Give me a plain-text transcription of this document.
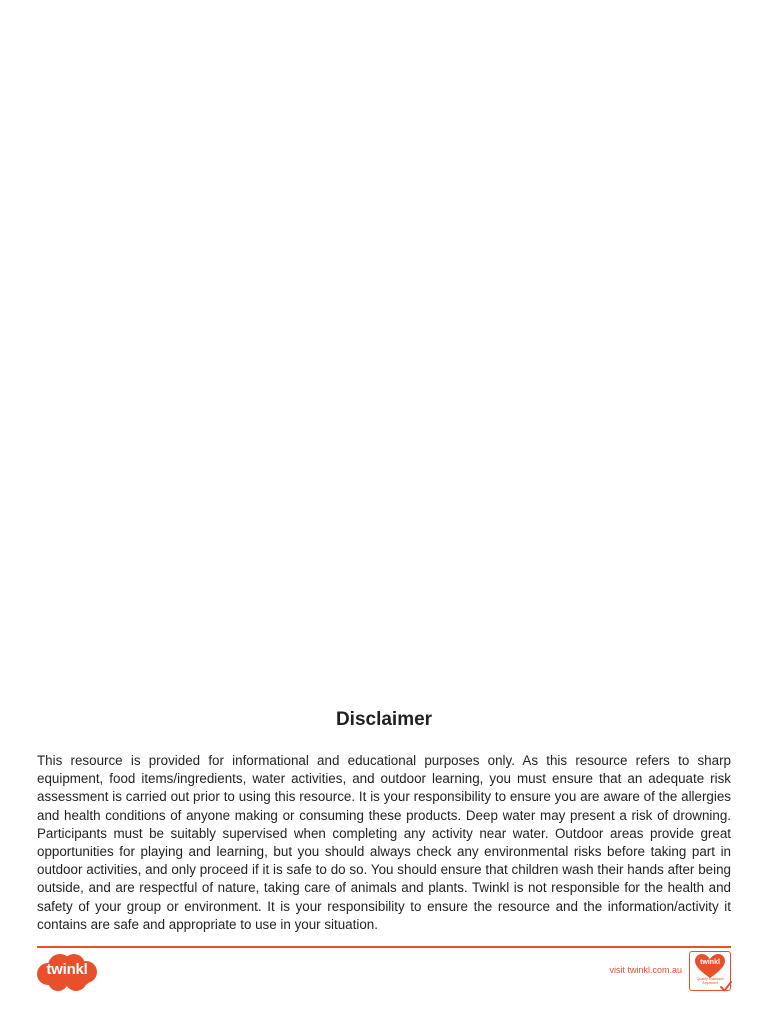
Disclaimer

This resource is provided for informational and educational purposes only. As this resource refers to sharp equipment, food items/ingredients, water activities, and outdoor learning, you must ensure that an adequate risk assessment is carried out prior to using this resource. It is your responsibility to ensure you are aware of the allergies and health conditions of anyone making or consuming these products. Deep water may present a risk of drowning. Participants must be suitably supervised when completing any activity near water. Outdoor areas provide great opportunities for playing and learning, but you should always check any environmental risks before taking part in outdoor activities, and only proceed if it is safe to do so. You should ensure that children wash their hands after being outside, and are respectful of nature, taking care of animals and plants. Twinkl is not responsible for the health and safety of your group or environment. It is your responsibility to ensure the resource and the information/activity it contains are safe and appropriate to use in your situation.

twinkl	visit twinkl.com.au
twinkl
Quality Standard Approved
